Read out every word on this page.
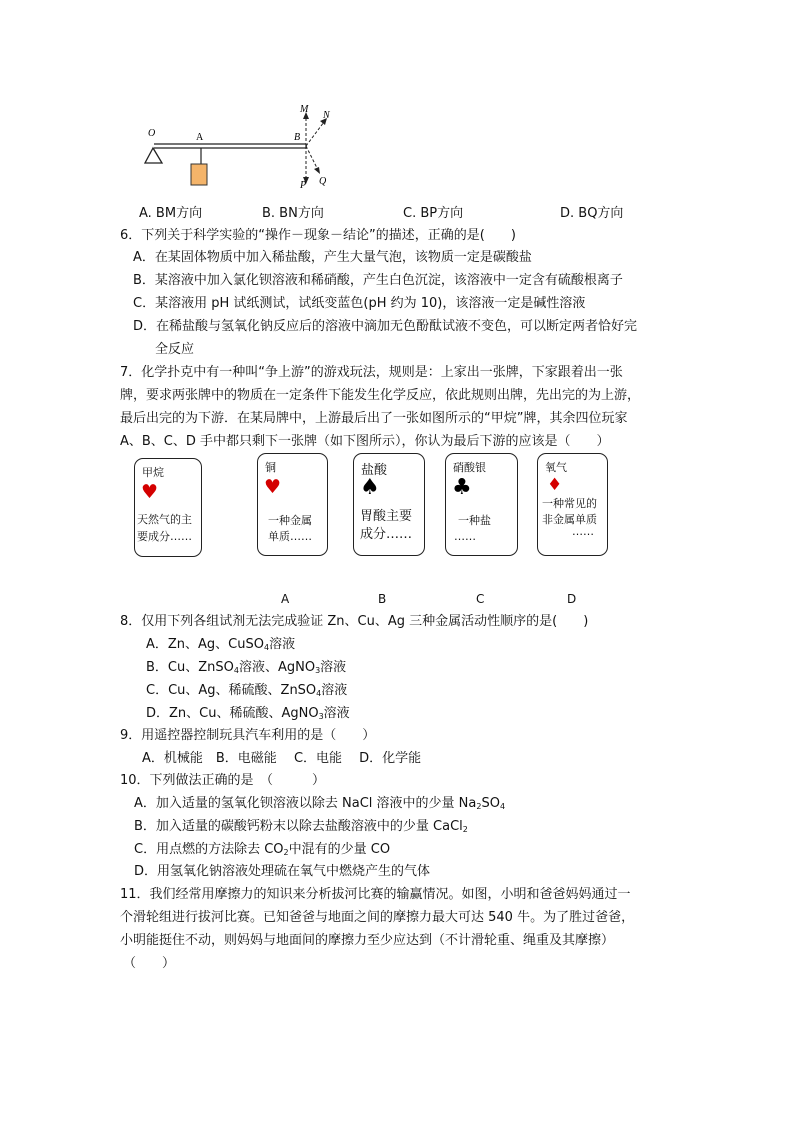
O	A	B
M
N
P Q
A. BM方向	B. BN方向	C. BP方向	D. BQ方向
6．下列关于科学实验的“操作－现象－结论”的描述，正确的是(　　)
A．在某固体物质中加入稀盐酸，产生大量气泡，该物质一定是碳酸盐
B．某溶液中加入氯化钡溶液和稀硝酸，产生白色沉淀，该溶液中一定含有硫酸根离子
C．某溶液用 pH 试纸测试，试纸变蓝色(pH 约为 10)，该溶液一定是碱性溶液
D．在稀盐酸与氢氧化钠反应后的溶液中滴加无色酚酞试液不变色，可以断定两者恰好完
全反应
7．化学扑克中有一种叫“争上游”的游戏玩法，规则是：上家出一张牌，下家跟着出一张
牌，要求两张牌中的物质在一定条件下能发生化学反应，依此规则出牌，先出完的为上游，
最后出完的为下游．在某局牌中，上游最后出了一张如图所示的“甲烷”牌，其余四位玩家
A、B、C、D 手中都只剩下一张牌（如下图所示），你认为最后下游的应该是（　　）
甲烷
♥
天然气的主
要成分……
铜
♥
一种金属
单质……
盐酸
♠
胃酸主要
成分……
硝酸银
♣
一种盐
……
氧气
♦
一种常见的
非金属单质
……
A	B	C	D
8．仅用下列各组试剂无法完成验证 Zn、Cu、Ag 三种金属活动性顺序的是(　　)
A．Zn、Ag、CuSO$_4$溶液
B．Cu、ZnSO$_4$溶液、AgNO$_3$溶液
C．Cu、Ag、稀硫酸、ZnSO$_4$溶液
D．Zn、Cu、稀硫酸、AgNO$_3$溶液
9．用遥控器控制玩具汽车利用的是（　　）
A．机械能　B．电磁能　 C．电能　 D．化学能
10．下列做法正确的是　（　　　）
A．加入适量的氢氧化钡溶液以除去 NaCl 溶液中的少量 $Na_2SO_4$
B．加入适量的碳酸钙粉末以除去盐酸溶液中的少量 CaCl$_2$
C．用点燃的方法除去 $CO_2$中混有的少量 CO
D．用氢氧化钠溶液处理硫在氧气中燃烧产生的气体
11．我们经常用摩擦力的知识来分析拔河比赛的输赢情况。如图，小明和爸爸妈妈通过一
个滑轮组进行拔河比赛。已知爸爸与地面之间的摩擦力最大可达 540 牛。为了胜过爸爸，
小明能挺住不动，则妈妈与地面间的摩擦力至少应达到（不计滑轮重、绳重及其摩擦）
（　　）
